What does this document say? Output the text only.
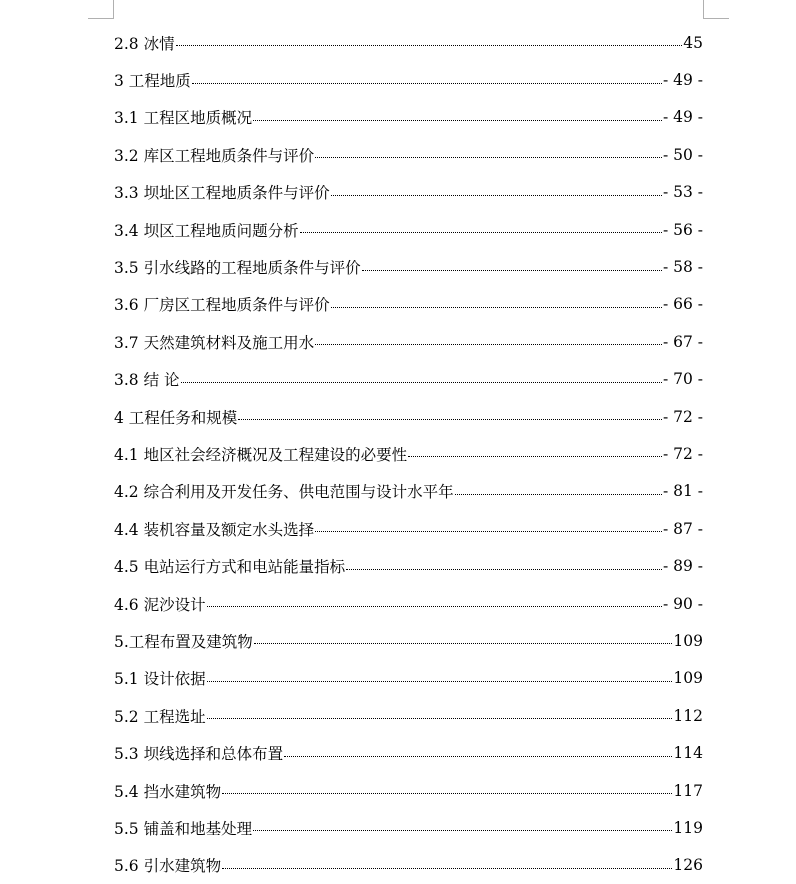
2.8 冰情	45
3 工程地质	- 49 -
3.1 工程区地质概况	- 49 -
3.2 库区工程地质条件与评价	- 50 -
3.3 坝址区工程地质条件与评价	- 53 -
3.4 坝区工程地质问题分析	- 56 -
3.5 引水线路的工程地质条件与评价	- 58 -
3.6 厂房区工程地质条件与评价	- 66 -
3.7 天然建筑材料及施工用水	- 67 -
3.8 结 论	- 70 -
4 工程任务和规模	- 72 -
4.1 地区社会经济概况及工程建设的必要性	- 72 -
4.2 综合利用及开发任务、供电范围与设计水平年	- 81 -
4.4 装机容量及额定水头选择	- 87 -
4.5 电站运行方式和电站能量指标	- 89 -
4.6 泥沙设计	- 90 -
5.工程布置及建筑物	109
5.1 设计依据	109
5.2 工程选址	112
5.3 坝线选择和总体布置	114
5.4 挡水建筑物	117
5.5 铺盖和地基处理	119
5.6 引水建筑物	126
